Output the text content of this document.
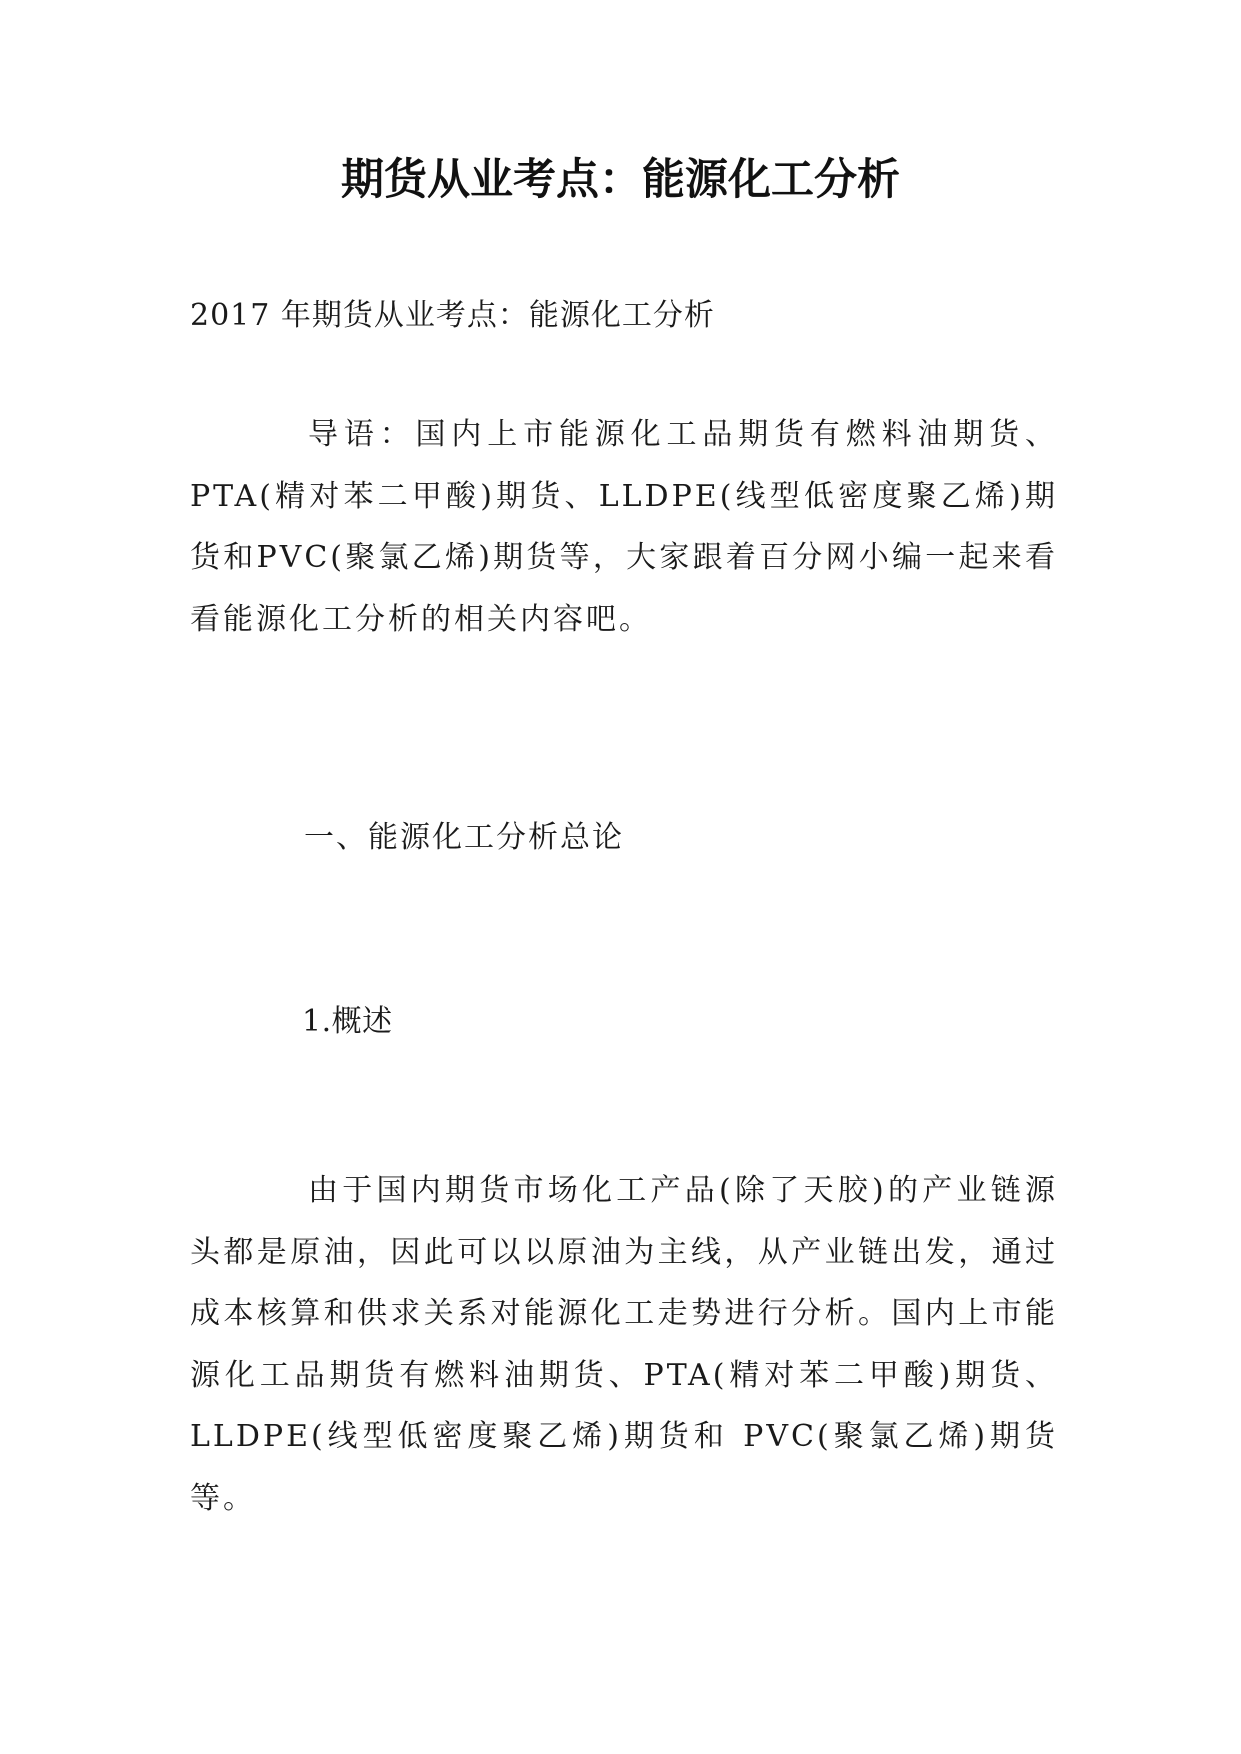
期货从业考点：能源化工分析

2017 年期货从业考点：能源化工分析

导语：国内上市能源化工品期货有燃料油期货、PTA(精对苯二甲酸)期货、LLDPE(线型低密度聚乙烯)期货和PVC(聚氯乙烯)期货等，大家跟着百分网小编一起来看看能源化工分析的相关内容吧。

一、能源化工分析总论

1.概述

由于国内期货市场化工产品(除了天胶)的产业链源头都是原油，因此可以以原油为主线，从产业链出发，通过成本核算和供求关系对能源化工走势进行分析。国内上市能源化工品期货有燃料油期货、PTA(精对苯二甲酸)期货、LLDPE(线型低密度聚乙烯)期货和 PVC(聚氯乙烯)期货等。
